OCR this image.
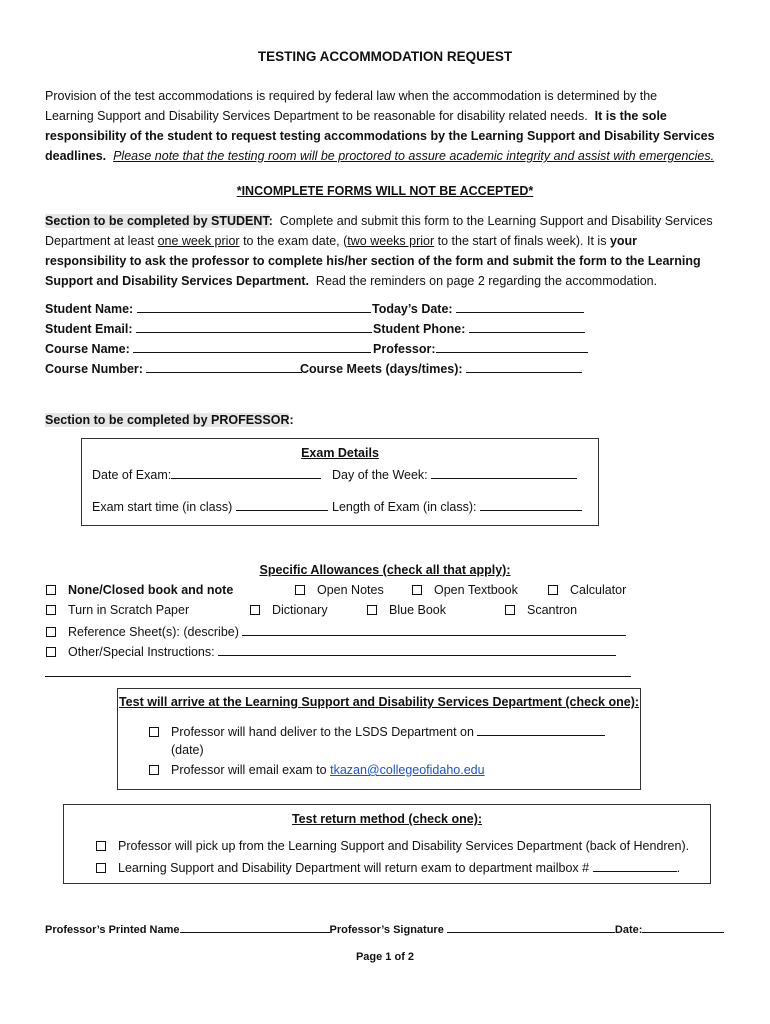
TESTING ACCOMMODATION REQUEST
Provision of the test accommodations is required by federal law when the accommodation is determined by the
Learning Support and Disability Services Department to be reasonable for disability related needs. It is the sole
responsibility of the student to request testing accommodations by the Learning Support and Disability Services
deadlines. Please note that the testing room will be proctored to assure academic integrity and assist with emergencies.
*INCOMPLETE FORMS WILL NOT BE ACCEPTED*
Section to be completed by STUDENT: Complete and submit this form to the Learning Support and Disability Services
Department at least one week prior to the exam date, (two weeks prior to the start of finals week). It is your
responsibility to ask the professor to complete his/her section of the form and submit the form to the Learning
Support and Disability Services Department. Read the reminders on page 2 regarding the accommodation.
Student Name:	Today’s Date:
Student Email:	Student Phone:
Course Name:	Professor:
Course Number:	Course Meets (days/times):
Section to be completed by PROFESSOR:
Exam Details
Date of Exam:	Day of the Week:
Exam start time (in class)	Length of Exam (in class):
Specific Allowances (check all that apply):
None/Closed book and note	Open Notes	Open Textbook	Calculator
Turn in Scratch Paper	Dictionary	Blue Book	Scantron
Reference Sheet(s): (describe)
Other/Special Instructions:
Test will arrive at the Learning Support and Disability Services Department (check one):
Professor will hand deliver to the LSDS Department on
(date)
Professor will email exam to tkazan@collegeofidaho.edu
Test return method (check one):
Professor will pick up from the Learning Support and Disability Services Department (back of Hendren).
Learning Support and Disability Department will return exam to department mailbox #	.
Professor’s Printed Name	Professor’s Signature	Date:
Page 1 of 2
